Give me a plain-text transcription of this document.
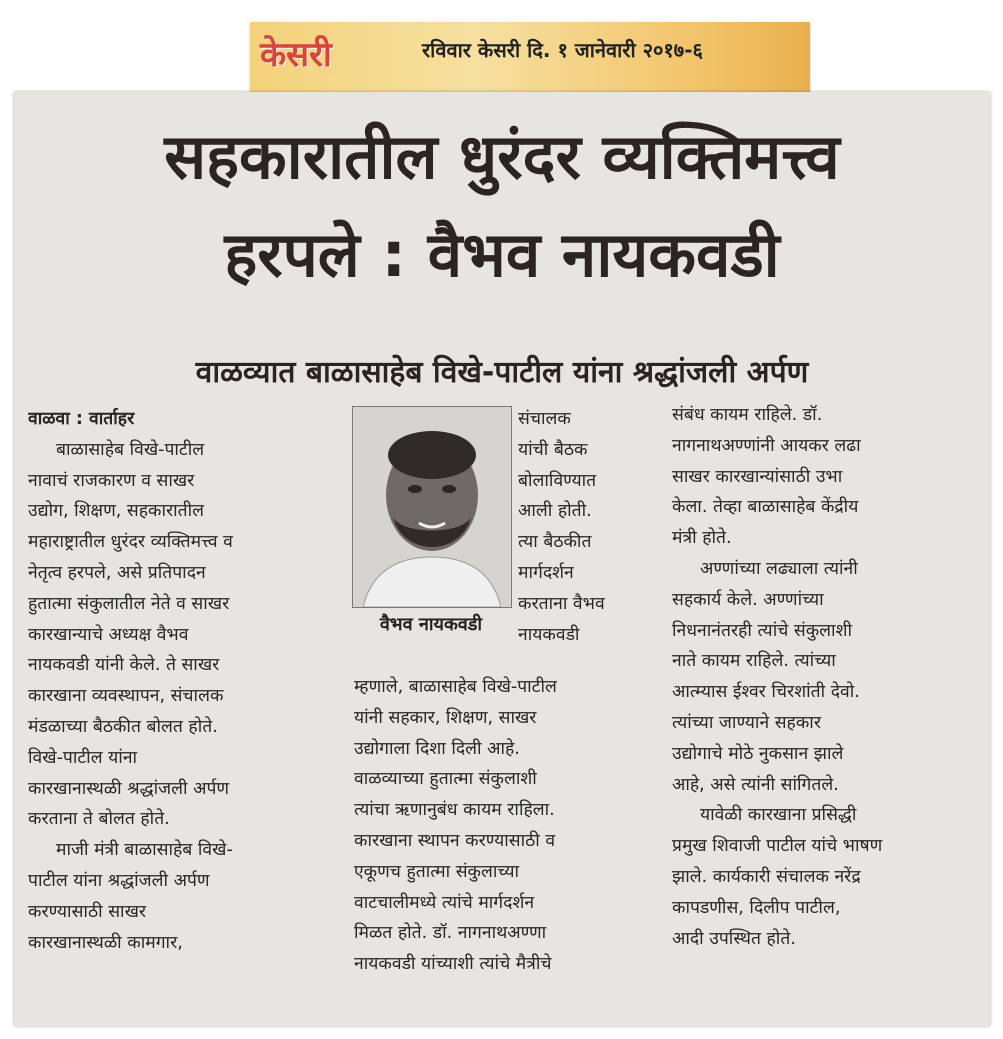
केसरी	रविवार केसरी दि. १ जानेवारी २०१७-६
सहकारातील धुरंदर व्यक्तिमत्त्व
हरपले : वैभव नायकवडी
वाळव्यात बाळासाहेब विखे-पाटील यांना श्रद्धांजली अर्पण
वाळवा : वार्ताहर
बाळासाहेब विखे-पाटील
नावाचं राजकारण व साखर
उद्योग, शिक्षण, सहकारातील
महाराष्ट्रातील धुरंदर व्यक्तिमत्त्व व
नेतृत्व हरपले, असे प्रतिपादन
हुतात्मा संकुलातील नेते व साखर
कारखान्याचे अध्यक्ष वैभव
नायकवडी यांनी केले. ते साखर
कारखाना व्यवस्थापन, संचालक
मंडळाच्या बैठकीत बोलत होते.
विखे-पाटील यांना
कारखानास्थळी श्रद्धांजली अर्पण
करताना ते बोलत होते.
माजी मंत्री बाळासाहेब विखे-
पाटील यांना श्रद्धांजली अर्पण
करण्यासाठी साखर
कारखानास्थळी कामगार,
वैभव नायकवडी
संचालक
यांची बैठक
बोलाविण्यात
आली होती.
त्या बैठकीत
मार्गदर्शन
करताना वैभव
नायकवडी
म्हणाले, बाळासाहेब विखे-पाटील
यांनी सहकार, शिक्षण, साखर
उद्योगाला दिशा दिली आहे.
वाळव्याच्या हुतात्मा संकुलाशी
त्यांचा ऋणानुबंध कायम राहिला.
कारखाना स्थापन करण्यासाठी व
एकूणच हुतात्मा संकुलाच्या
वाटचालीमध्ये त्यांचे मार्गदर्शन
मिळत होते. डॉ. नागनाथअण्णा
नायकवडी यांच्याशी त्यांचे मैत्रीचे
संबंध कायम राहिले. डॉ.
नागनाथअण्णांनी आयकर लढा
साखर कारखान्यांसाठी उभा
केला. तेव्हा बाळासाहेब केंद्रीय
मंत्री होते.
अण्णांच्या लढ्याला त्यांनी
सहकार्य केले. अण्णांच्या
निधनानंतरही त्यांचे संकुलाशी
नाते कायम राहिले. त्यांच्या
आत्म्यास ईश्वर चिरशांती देवो.
त्यांच्या जाण्याने सहकार
उद्योगाचे मोठे नुकसान झाले
आहे, असे त्यांनी सांगितले.
यावेळी कारखाना प्रसिद्धी
प्रमुख शिवाजी पाटील यांचे भाषण
झाले. कार्यकारी संचालक नरेंद्र
कापडणीस, दिलीप पाटील,
आदी उपस्थित होते.
